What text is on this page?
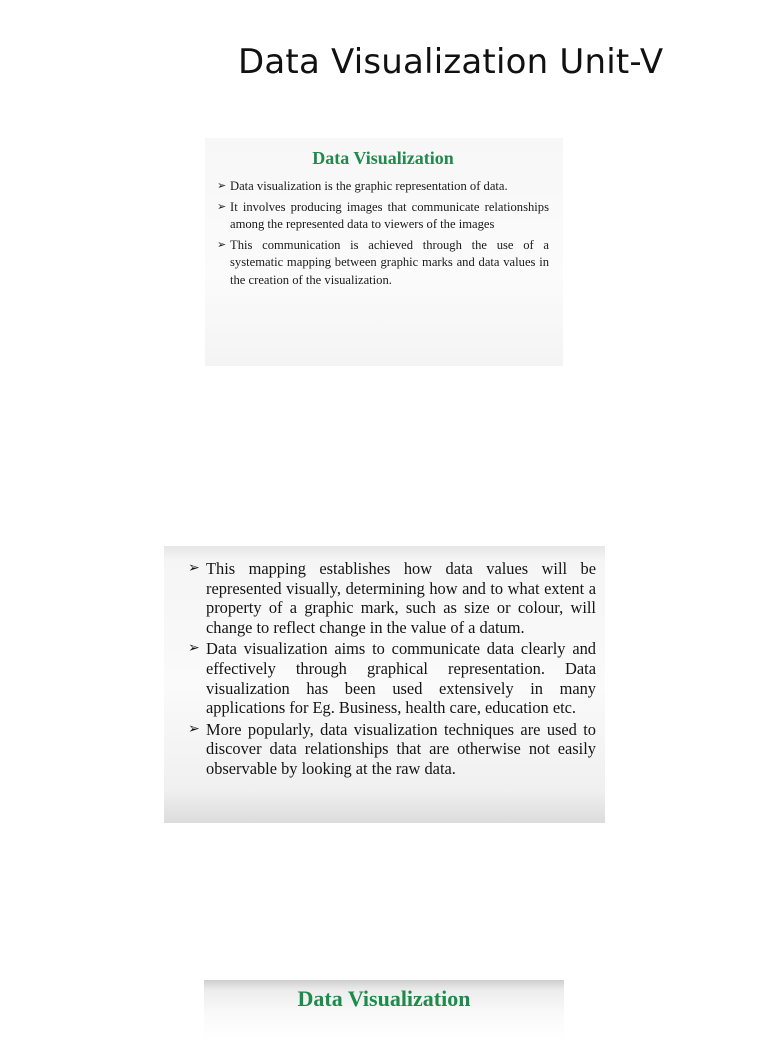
Data Visualization Unit-V
Data Visualization
➢ Data visualization is the graphic representation of data.
➢ It involves producing images that communicate relationships among the represented data to viewers of the images
➢ This communication is achieved through the use of a systematic mapping between graphic marks and data values in the creation of the visualization.
➢ This mapping establishes how data values will be represented visually, determining how and to what extent a property of a graphic mark, such as size or colour, will change to reflect change in the value of a datum.
➢ Data visualization aims to communicate data clearly and effectively through graphical representation. Data visualization has been used extensively in many applications for Eg. Business, health care, education etc.
➢ More popularly, data visualization techniques are used to discover data relationships that are otherwise not easily observable by looking at the raw data.
Data Visualization
